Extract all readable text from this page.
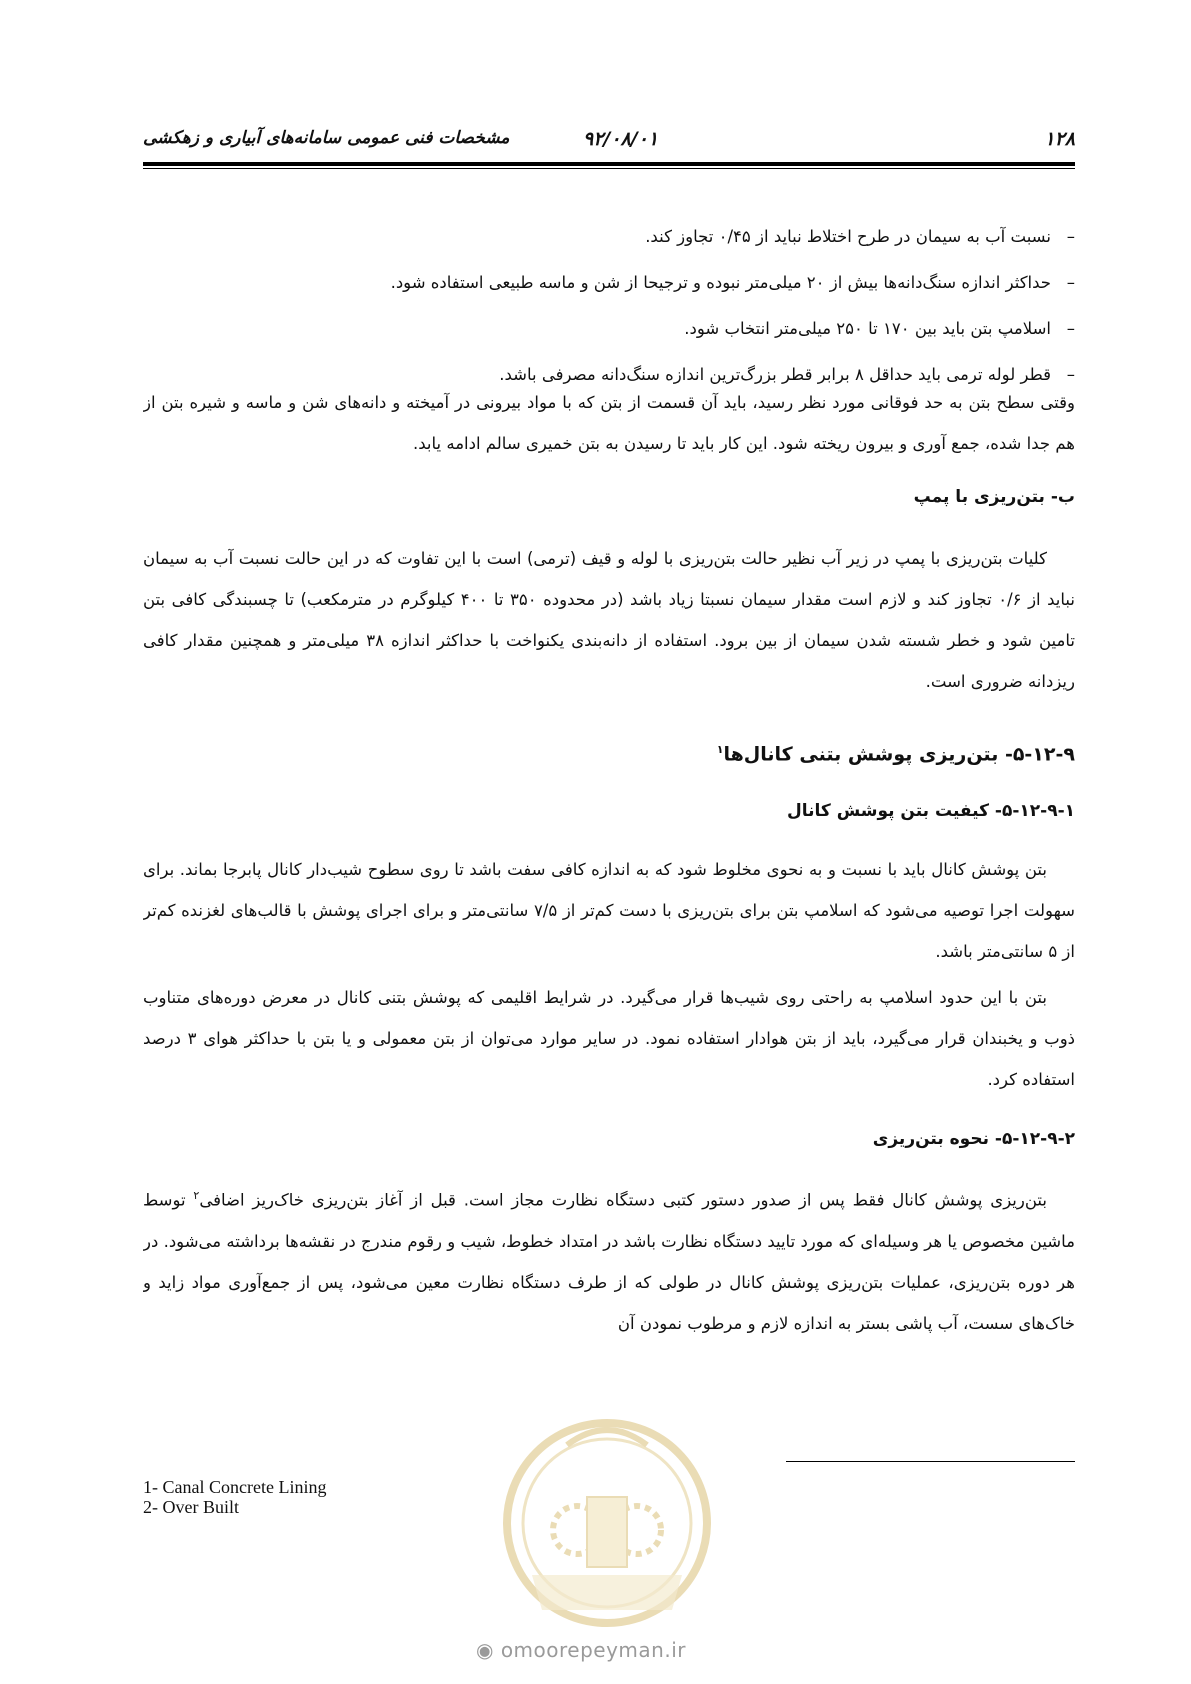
۱۲۸
۹۲/۰۸/۰۱
مشخصات فنی عمومی سامانه‌های آبیاری و زهکشی
–نسبت آب به سیمان در طرح اختلاط نباید از ۰/۴۵ تجاوز کند.
–حداکثر اندازه سنگ‌دانه‌ها بیش از ۲۰ میلی‌متر نبوده و ترجیحا از شن و ماسه طبیعی استفاده شود.
–اسلامپ بتن باید بین ۱۷۰ تا ۲۵۰ میلی‌متر انتخاب شود.
–قطر لوله ترمی باید حداقل ۸ برابر قطر بزرگ‌ترین اندازه سنگ‌دانه مصرفی باشد.

وقتی سطح بتن به حد فوقانی مورد نظر رسید، باید آن قسمت از بتن که با مواد بیرونی در آمیخته و دانه‌های شن و ماسه و شیره بتن از هم جدا شده، جمع آوری و بیرون ریخته شود. این کار باید تا رسیدن به بتن خمیری سالم ادامه یابد.

ب- بتن‌ریزی با پمپ

کلیات بتن‌ریزی با پمپ در زیر آب نظیر حالت بتن‌ریزی با لوله و قیف (ترمی) است با این تفاوت که در این حالت نسبت آب به سیمان نباید از ۰/۶ تجاوز کند و لازم است مقدار سیمان نسبتا زیاد باشد (در محدوده ۳۵۰ تا ۴۰۰ کیلوگرم در مترمکعب) تا چسبندگی کافی بتن تامین شود و خطر شسته شدن سیمان از بین برود. استفاده از دانه‌بندی یکنواخت با حداکثر اندازه ۳۸ میلی‌متر و همچنین مقدار کافی ریزدانه ضروری است.

۵-۱۲-۹- بتن‌ریزی پوشش بتنی کانال‌ها$^۱$
۵-۱۲-۹-۱- کیفیت بتن پوشش کانال

بتن پوشش کانال باید با نسبت و به نحوی مخلوط شود که به اندازه کافی سفت باشد تا روی سطوح شیب‌دار کانال پابرجا بماند. برای سهولت اجرا توصیه می‌شود که اسلامپ بتن برای بتن‌ریزی با دست کم‌تر از ۷/۵ سانتی‌متر و برای اجرای پوشش با قالب‌های لغزنده کم‌تر از ۵ سانتی‌متر باشد.

بتن با این حدود اسلامپ به راحتی روی شیب‌ها قرار می‌گیرد. در شرایط اقلیمی که پوشش بتنی کانال در معرض دوره‌های متناوب ذوب و یخبندان قرار می‌گیرد، باید از بتن هوادار استفاده نمود. در سایر موارد می‌توان از بتن معمولی و یا بتن با حداکثر هوای ۳ درصد استفاده کرد.

۵-۱۲-۹-۲- نحوه بتن‌ریزی

بتن‌ریزی پوشش کانال فقط پس از صدور دستور کتبی دستگاه نظارت مجاز است. قبل از آغاز بتن‌ریزی خاک‌ریز اضافی$^۲$ توسط ماشین مخصوص یا هر وسیله‌ای که مورد تایید دستگاه نظارت باشد در امتداد خطوط، شیب و رقوم مندرج در نقشه‌ها برداشته می‌شود. در هر دوره بتن‌ریزی، عملیات بتن‌ریزی پوشش کانال در طولی که از طرف دستگاه نظارت معین می‌شود، پس از جمع‌آوری مواد زاید و خاک‌های سست، آب پاشی بستر به اندازه لازم و مرطوب نمودن آن

1- Canal Concrete Lining
2- Over Built
◉ omoorepeyman.ir
